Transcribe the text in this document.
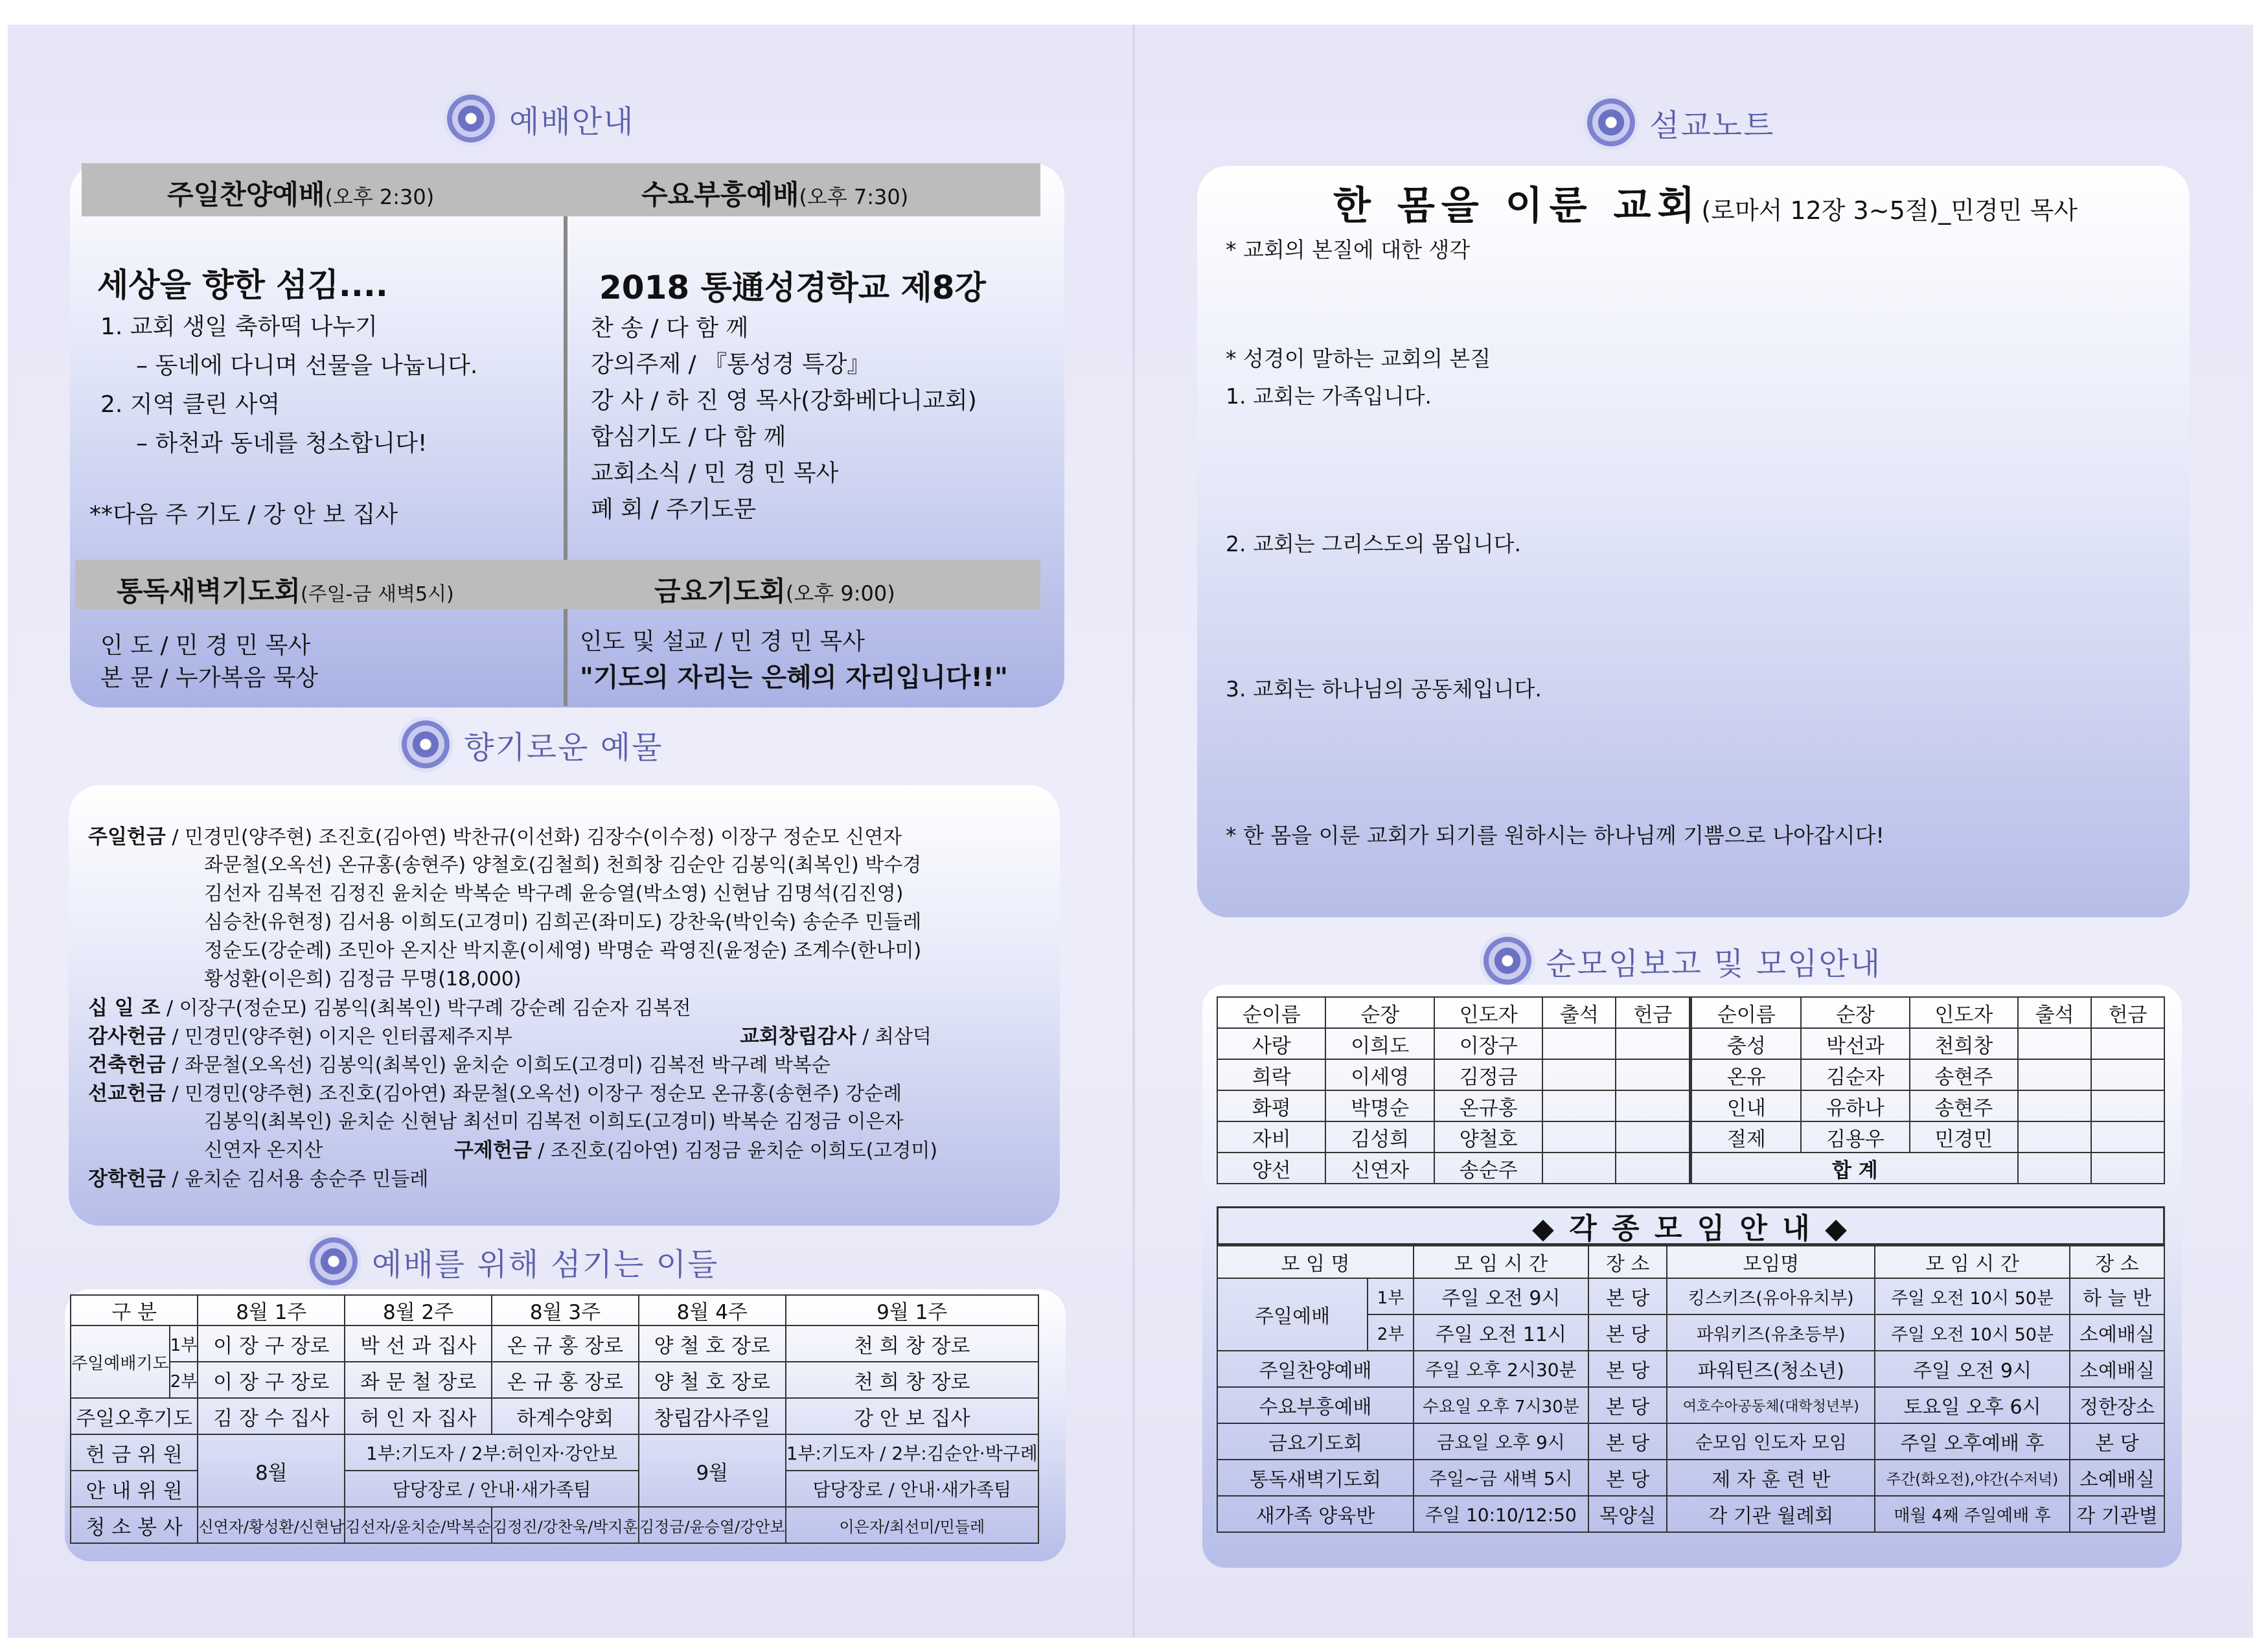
예배안내
주일찬양예배(오후 2:30)	수요부흥예배(오후 7:30)
세상을 향한 섬김....
1. 교회 생일 축하떡 나누기
– 동네에 다니며 선물을 나눕니다.
2. 지역 클린 사역
– 하천과 동네를 청소합니다!
**다음 주 기도 / 강 안 보 집사
2018 통通성경학교 제8강
찬 송 / 다 함 께
강의주제 / 『통성경 특강』
강 사 / 하 진 영 목사(강화베다니교회)
합심기도 / 다 함 께
교회소식 / 민 경 민 목사
폐 회 / 주기도문
통독새벽기도회(주일-금 새벽5시)	금요기도회(오후 9:00)
인 도 / 민 경 민 목사
본 문 / 누가복음 묵상
인도 및 설교 / 민 경 민 목사
"기도의 자리는 은혜의 자리입니다!!"
향기로운 예물
주일헌금 / 민경민(양주현) 조진호(김아연) 박찬규(이선화) 김장수(이수정) 이장구 정순모 신연자
좌문철(오옥선) 온규홍(송현주) 양철호(김철희) 천희창 김순안 김봉익(최복인) 박수경
김선자 김복전 김정진 윤치순 박복순 박구례 윤승열(박소영) 신현남 김명석(김진영)
심승찬(유현정) 김서용 이희도(고경미) 김희곤(좌미도) 강찬욱(박인숙) 송순주 민들레
정순도(강순례) 조민아 온지산 박지훈(이세영) 박명순 곽영진(윤정순) 조계수(한나미)
황성환(이은희) 김정금 무명(18,000)
십 일 조 / 이장구(정순모) 김봉익(최복인) 박구례 강순례 김순자 김복전
감사헌금 / 민경민(양주현) 이지은 인터콥제주지부	교회창립감사 / 최삼덕
건축헌금 / 좌문철(오옥선) 김봉익(최복인) 윤치순 이희도(고경미) 김복전 박구례 박복순
선교헌금 / 민경민(양주현) 조진호(김아연) 좌문철(오옥선) 이장구 정순모 온규홍(송현주) 강순례
김봉익(최복인) 윤치순 신현남 최선미 김복전 이희도(고경미) 박복순 김정금 이은자
신연자 온지산	구제헌금 / 조진호(김아연) 김정금 윤치순 이희도(고경미)
장학헌금 / 윤치순 김서용 송순주 민들레
예배를 위해 섬기는 이들
구 분		8월 1주	8월 2주	8월 3주	8월 4주	9월 1주
주일예배기도	1부	이 장 구 장로	박 선 과 집사	온 규 홍 장로	양 철 호 장로	천 희 창 장로
	2부	이 장 구 장로	좌 문 철 장로	온 규 홍 장로	양 철 호 장로	천 희 창 장로
주일오후기도		김 장 수 집사	허 인 자 집사	하계수양회	창립감사주일	강 안 보 집사
헌 금 위 원		8월	1부:기도자 / 2부:허인자·강안보		9월	1부:기도자 / 2부:김순안·박구례
안 내 위 원			담당장로 / 안내·새가족팀			담당장로 / 안내·새가족팀
청 소 봉 사		신연자/황성환/신현남	김선자/윤치순/박복순	김정진/강찬욱/박지훈	김정금/윤승열/강안보	이은자/최선미/민들레
설교노트
한 몸을 이룬 교회(로마서 12장 3~5절)_민경민 목사
* 교회의 본질에 대한 생각
* 성경이 말하는 교회의 본질
1. 교회는 가족입니다.
2. 교회는 그리스도의 몸입니다.
3. 교회는 하나님의 공동체입니다.
* 한 몸을 이룬 교회가 되기를 원하시는 하나님께 기쁨으로 나아갑시다!
순모임보고 및 모임안내
순이름	순장	인도자	출석	헌금	순이름	순장	인도자	출석	헌금
사랑	이희도	이장구			충성	박선과	천희창		
희락	이세영	김정금			온유	김순자	송현주		
화평	박명순	온규홍			인내	유하나	송현주		
자비	김성희	양철호			절제	김용우	민경민		
양선	신연자	송순주			합 계				
◆ 각 종 모 임 안 내 ◆
모 임 명		모 임 시 간	장 소	모임명	모 임 시 간	장 소
주일예배	1부	주일 오전 9시	본 당	킹스키즈(유아유치부)	주일 오전 10시 50분	하 늘 반
	2부	주일 오전 11시	본 당	파워키즈(유초등부)	주일 오전 10시 50분	소예배실
주일찬양예배		주일 오후 2시30분	본 당	파워틴즈(청소년)	주일 오전 9시	소예배실
수요부흥예배		수요일 오후 7시30분	본 당	여호수아공동체(대학청년부)	토요일 오후 6시	정한장소
금요기도회		금요일 오후 9시	본 당	순모임 인도자 모임	주일 오후예배 후	본 당
통독새벽기도회		주일~금 새벽 5시	본 당	제 자 훈 련 반	주간(화오전),야간(수저녁)	소예배실
새가족 양육반		주일 10:10/12:50	목양실	각 기관 월례회	매월 4째 주일예배 후	각 기관별
